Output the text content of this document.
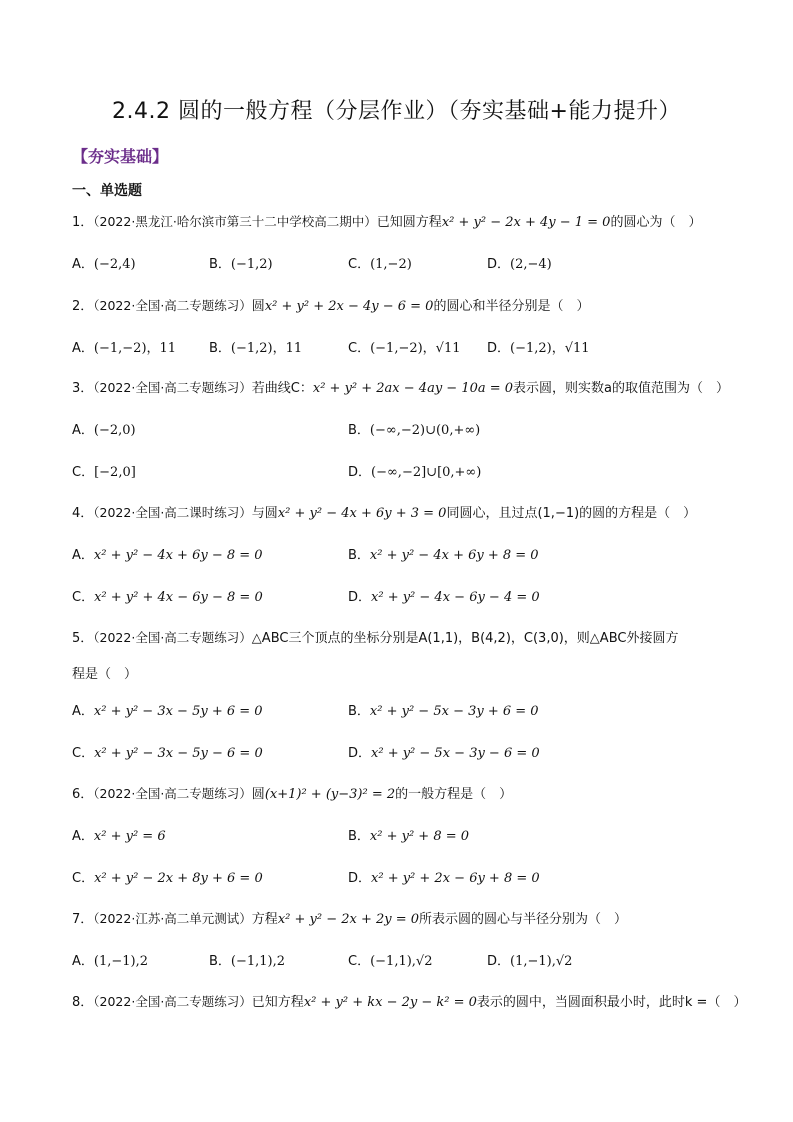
2.4.2 圆的一般方程（分层作业）（夯实基础+能力提升）
【夯实基础】
一、单选题
1．（2022·黑龙江·哈尔滨市第三十二中学校高二期中）已知圆方程x² + y² − 2x + 4y − 1 = 0的圆心为（　）
A．(−2,4)	B．(−1,2)	C．(1,−2)	D．(2,−4)
2．（2022·全国·高二专题练习）圆x² + y² + 2x − 4y − 6 = 0的圆心和半径分别是（　）
A．(−1,−2)，11	B．(−1,2)，11	C．(−1,−2)，√11 D．(−1,2)，√11
3．（2022·全国·高二专题练习）若曲线C：x² + y² + 2ax − 4ay − 10a = 0表示圆，则实数a的取值范围为（　）
A．(−2,0)	B．(−∞,−2)∪(0,+∞)
C．[−2,0]	D．(−∞,−2]∪[0,+∞)
4．（2022·全国·高二课时练习）与圆x² + y² − 4x + 6y + 3 = 0同圆心，且过点(1,−1)的圆的方程是（　）
A．x² + y² − 4x + 6y − 8 = 0	B．x² + y² − 4x + 6y + 8 = 0
C．x² + y² + 4x − 6y − 8 = 0	D．x² + y² − 4x − 6y − 4 = 0
5．（2022·全国·高二专题练习）△ABC三个顶点的坐标分别是A(1,1)，B(4,2)，C(3,0)，则△ABC外接圆方
程是（　）
A．x² + y² − 3x − 5y + 6 = 0	B．x² + y² − 5x − 3y + 6 = 0
C．x² + y² − 3x − 5y − 6 = 0	D．x² + y² − 5x − 3y − 6 = 0
6．（2022·全国·高二专题练习）圆(x+1)² + (y−3)² = 2的一般方程是（　）
A．x² + y² = 6	B．x² + y² + 8 = 0
C．x² + y² − 2x + 8y + 6 = 0	D．x² + y² + 2x − 6y + 8 = 0
7．（2022·江苏·高二单元测试）方程x² + y² − 2x + 2y = 0所表示圆的圆心与半径分别为（　）
A．(1,−1),2	B．(−1,1),2	C．(−1,1),√2	D．(1,−1),√2
8．（2022·全国·高二专题练习）已知方程x² + y² + kx − 2y − k² = 0表示的圆中，当圆面积最小时，此时k =（　）
